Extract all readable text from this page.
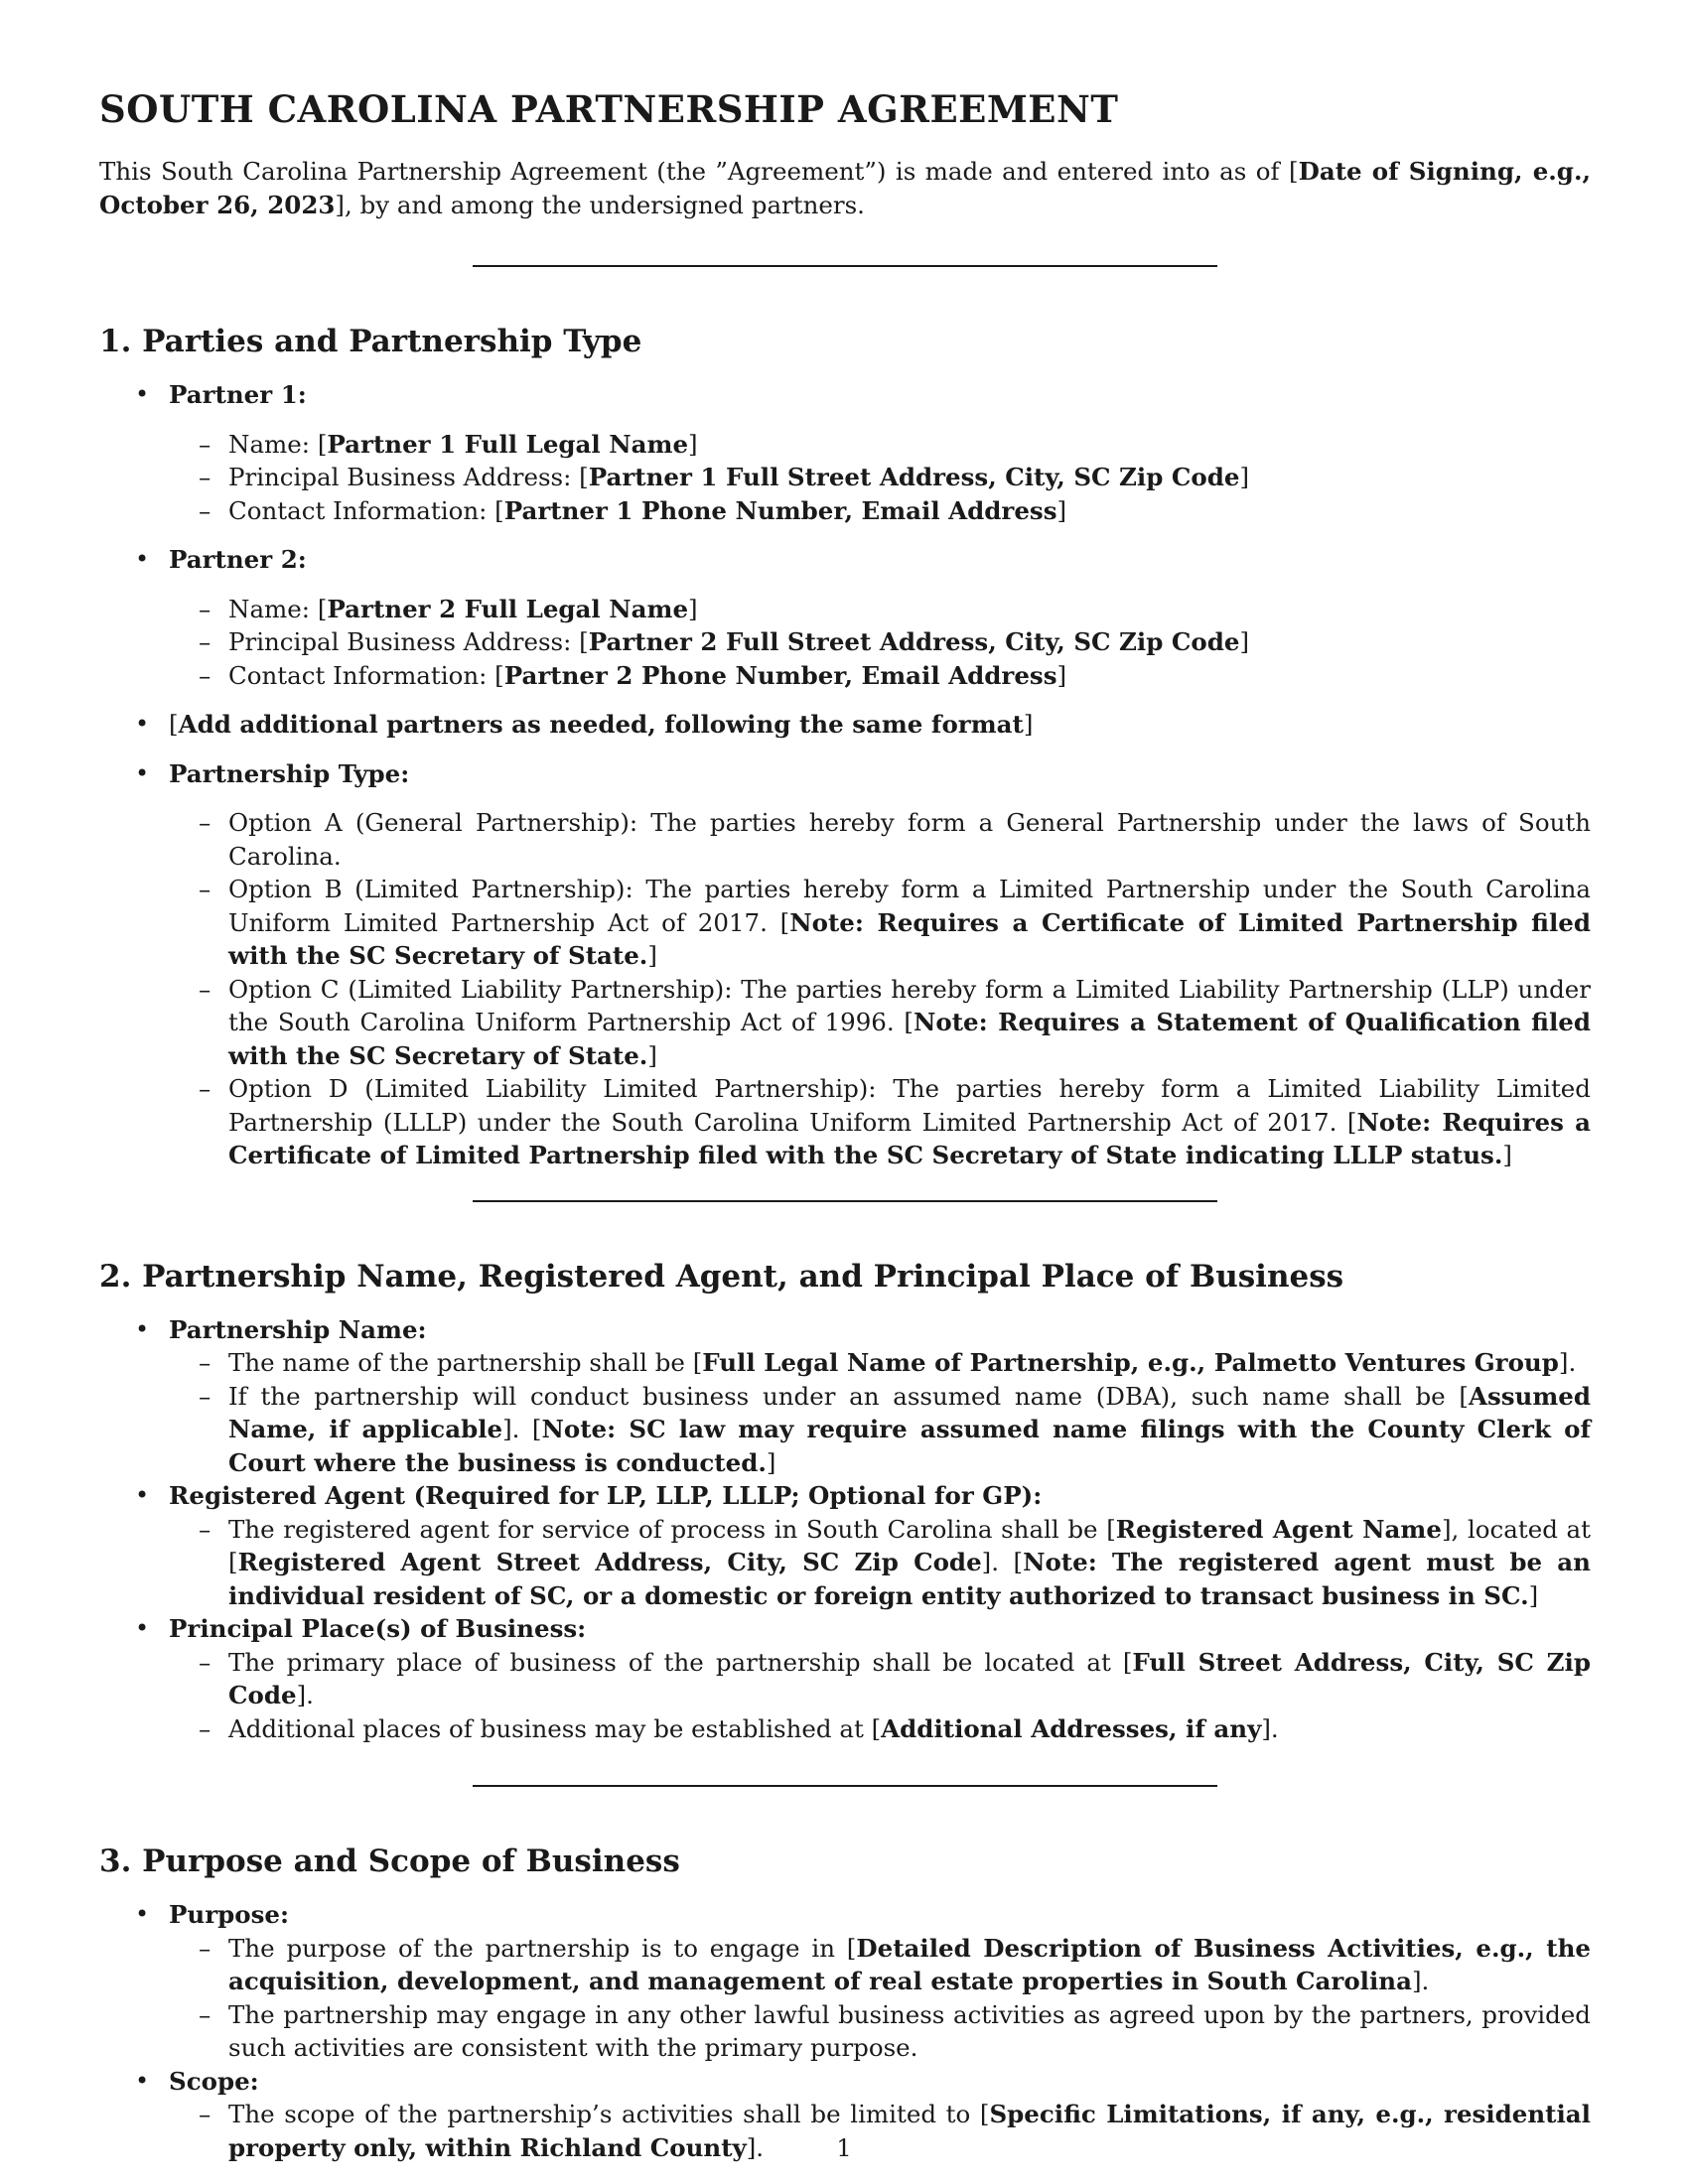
SOUTH CAROLINA PARTNERSHIP AGREEMENT

This South Carolina Partnership Agreement (the ”Agreement”) is made and entered into as of [Date of Signing, e.g., October 26, 2023], by and among the undersigned partners.

1. Parties and Partnership Type
• Partner 1:
– Name: [Partner 1 Full Legal Name]
– Principal Business Address: [Partner 1 Full Street Address, City, SC Zip Code]
– Contact Information: [Partner 1 Phone Number, Email Address]
• Partner 2:
– Name: [Partner 2 Full Legal Name]
– Principal Business Address: [Partner 2 Full Street Address, City, SC Zip Code]
– Contact Information: [Partner 2 Phone Number, Email Address]
• [Add additional partners as needed, following the same format]
• Partnership Type:
– Option A (General Partnership): The parties hereby form a General Partnership under the laws of South Carolina.
– Option B (Limited Partnership): The parties hereby form a Limited Partnership under the South Carolina Uniform Limited Partnership Act of 2017. [Note: Requires a Certificate of Limited Partnership filed with the SC Secretary of State.]
– Option C (Limited Liability Partnership): The parties hereby form a Limited Liability Partnership (LLP) under the South Carolina Uniform Partnership Act of 1996. [Note: Requires a Statement of Qualification filed with the SC Secretary of State.]
– Option D (Limited Liability Limited Partnership): The parties hereby form a Limited Liability Limited Partnership (LLLP) under the South Carolina Uniform Limited Partnership Act of 2017. [Note: Requires a Certificate of Limited Partnership filed with the SC Secretary of State indicating LLLP status.]
2. Partnership Name, Registered Agent, and Principal Place of Business
• Partnership Name:
– The name of the partnership shall be [Full Legal Name of Partnership, e.g., Palmetto Ventures Group].
– If the partnership will conduct business under an assumed name (DBA), such name shall be [Assumed Name, if applicable]. [Note: SC law may require assumed name filings with the County Clerk of Court where the business is conducted.]
• Registered Agent (Required for LP, LLP, LLLP; Optional for GP):
– The registered agent for service of process in South Carolina shall be [Registered Agent Name], located at [Registered Agent Street Address, City, SC Zip Code]. [Note: The registered agent must be an individual resident of SC, or a domestic or foreign entity authorized to transact business in SC.]
• Principal Place(s) of Business:
– The primary place of business of the partnership shall be located at [Full Street Address, City, SC Zip Code].
– Additional places of business may be established at [Additional Addresses, if any].
3. Purpose and Scope of Business
• Purpose:
– The purpose of the partnership is to engage in [Detailed Description of Business Activities, e.g., the acquisition, development, and management of real estate properties in South Carolina].
– The partnership may engage in any other lawful business activities as agreed upon by the partners, provided such activities are consistent with the primary purpose.
• Scope:
– The scope of the partnership’s activities shall be limited to [Specific Limitations, if any, e.g., residential property only, within Richland County].	1
